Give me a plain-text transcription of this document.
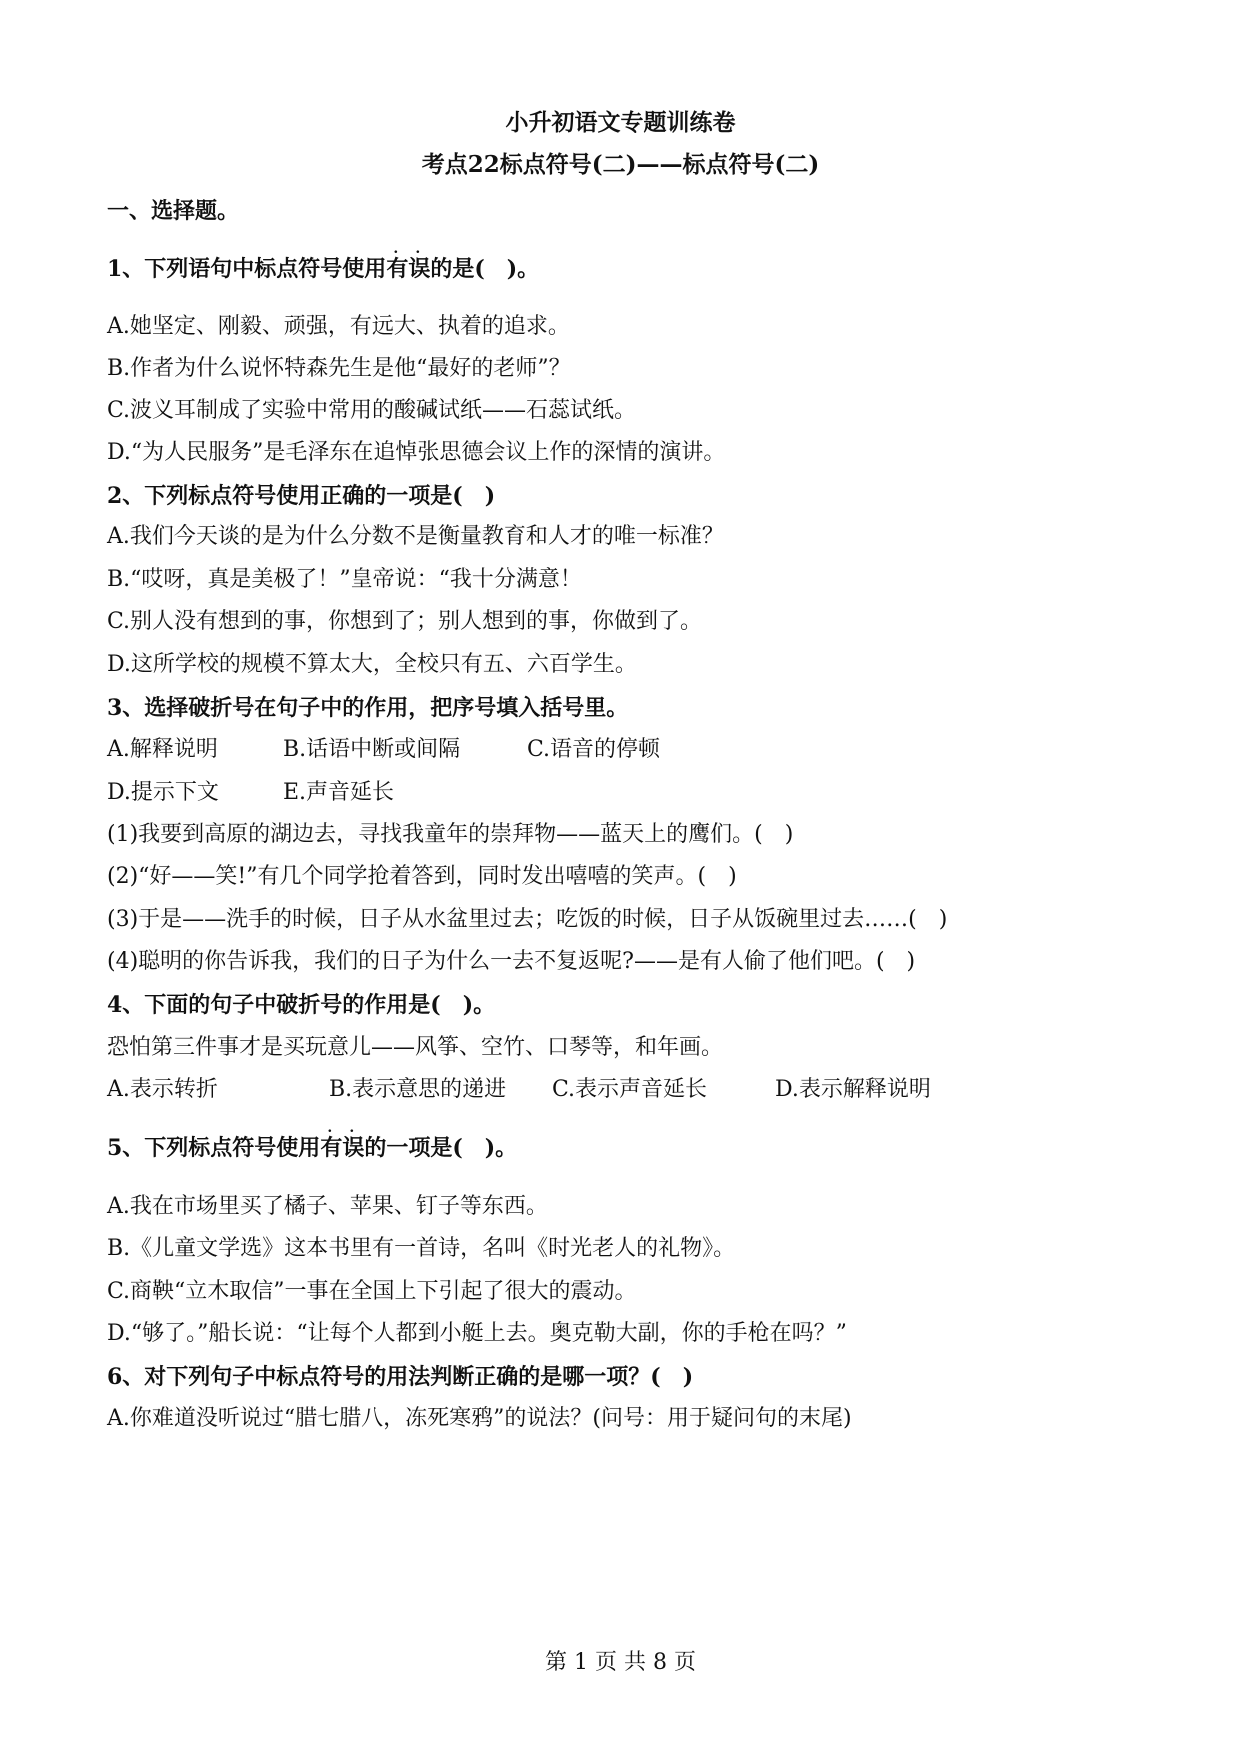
小升初语文专题训练卷
考点22标点符号(二)——标点符号(二)
一、选择题。
1、下列语句中标点符号使用
.
有
.
误的是(　)。
A.她坚定、刚毅、顽强，有远大、执着的追求。
B.作者为什么说怀特森先生是他“最好的老师”？
C.波义耳制成了实验中常用的酸碱试纸——石蕊试纸。
D.“为人民服务”是毛泽东在追悼张思德会议上作的深情的演讲。
2、下列标点符号使用正确的一项是(　)
A.我们今天谈的是为什么分数不是衡量教育和人才的唯一标准？
B.“哎呀，真是美极了！”皇帝说：“我十分满意！
C.别人没有想到的事，你想到了；别人想到的事，你做到了。
D.这所学校的规模不算太大，全校只有五、六百学生。
3、选择破折号在句子中的作用，把序号填入括号里。
A.解释说明	B.话语中断或间隔	C.语音的停顿
D.提示下文	E.声音延长
(1)我要到高原的湖边去，寻找我童年的崇拜物——蓝天上的鹰们。(　)
(2)“好——笑!”有几个同学抢着答到，同时发出嘻嘻的笑声。(　)
(3)于是——洗手的时候，日子从水盆里过去；吃饭的时候，日子从饭碗里过去……(　)
(4)聪明的你告诉我，我们的日子为什么一去不复返呢?——是有人偷了他们吧。(　)
4、下面的句子中破折号的作用是(　)。
恐怕第三件事才是买玩意儿——风筝、空竹、口琴等，和年画。
A.表示转折	B.表示意思的递进 C.表示声音延长	D.表示解释说明
5、下列标点符号使用
.
有
.
误的一项是(　)。
A.我在市场里买了橘子、苹果、钉子等东西。
B.《儿童文学选》这本书里有一首诗，名叫《时光老人的礼物》。
C.商鞅“立木取信”一事在全国上下引起了很大的震动。
D.“够了。”船长说：“让每个人都到小艇上去。奥克勒大副，你的手枪在吗？”
6、对下列句子中标点符号的用法判断正确的是哪一项？(　)
A.你难道没听说过“腊七腊八，冻死寒鸦”的说法？(问号：用于疑问句的末尾)
第 1 页 共 8 页
